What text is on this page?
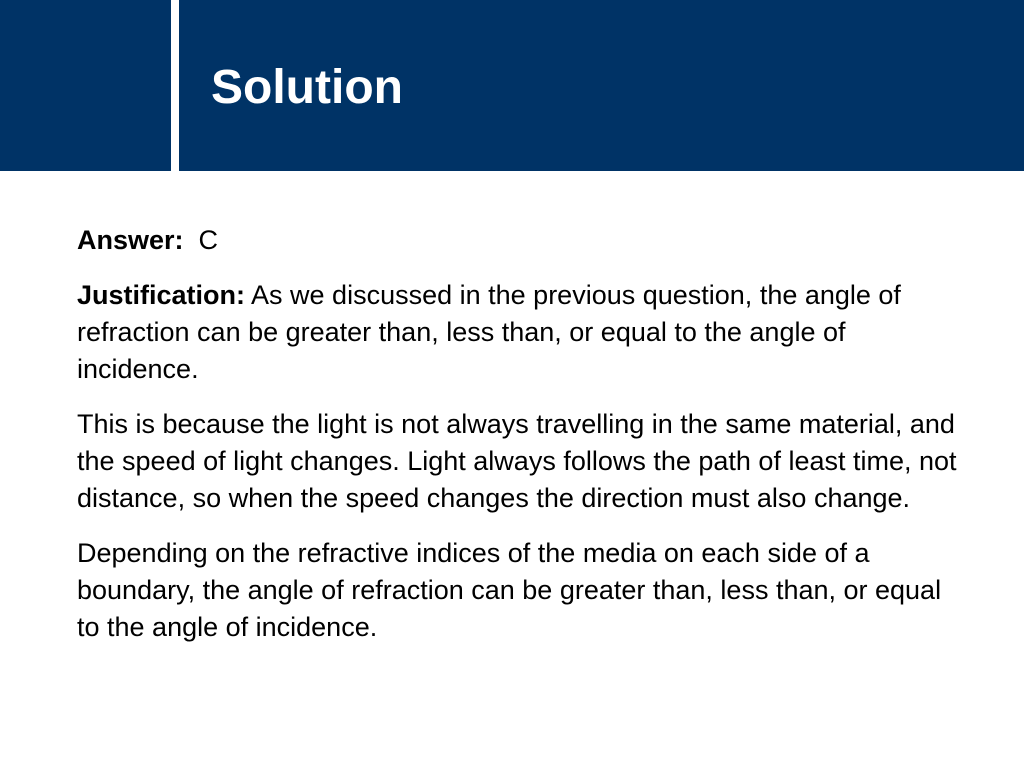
Solution

Answer: C

Justification: As we discussed in the previous question, the angle of refraction can be greater than, less than, or equal to the angle of incidence.

This is because the light is not always travelling in the same material, and the speed of light changes. Light always follows the path of least time, not distance, so when the speed changes the direction must also change.

Depending on the refractive indices of the media on each side of a boundary, the angle of refraction can be greater than, less than, or equal to the angle of incidence.
